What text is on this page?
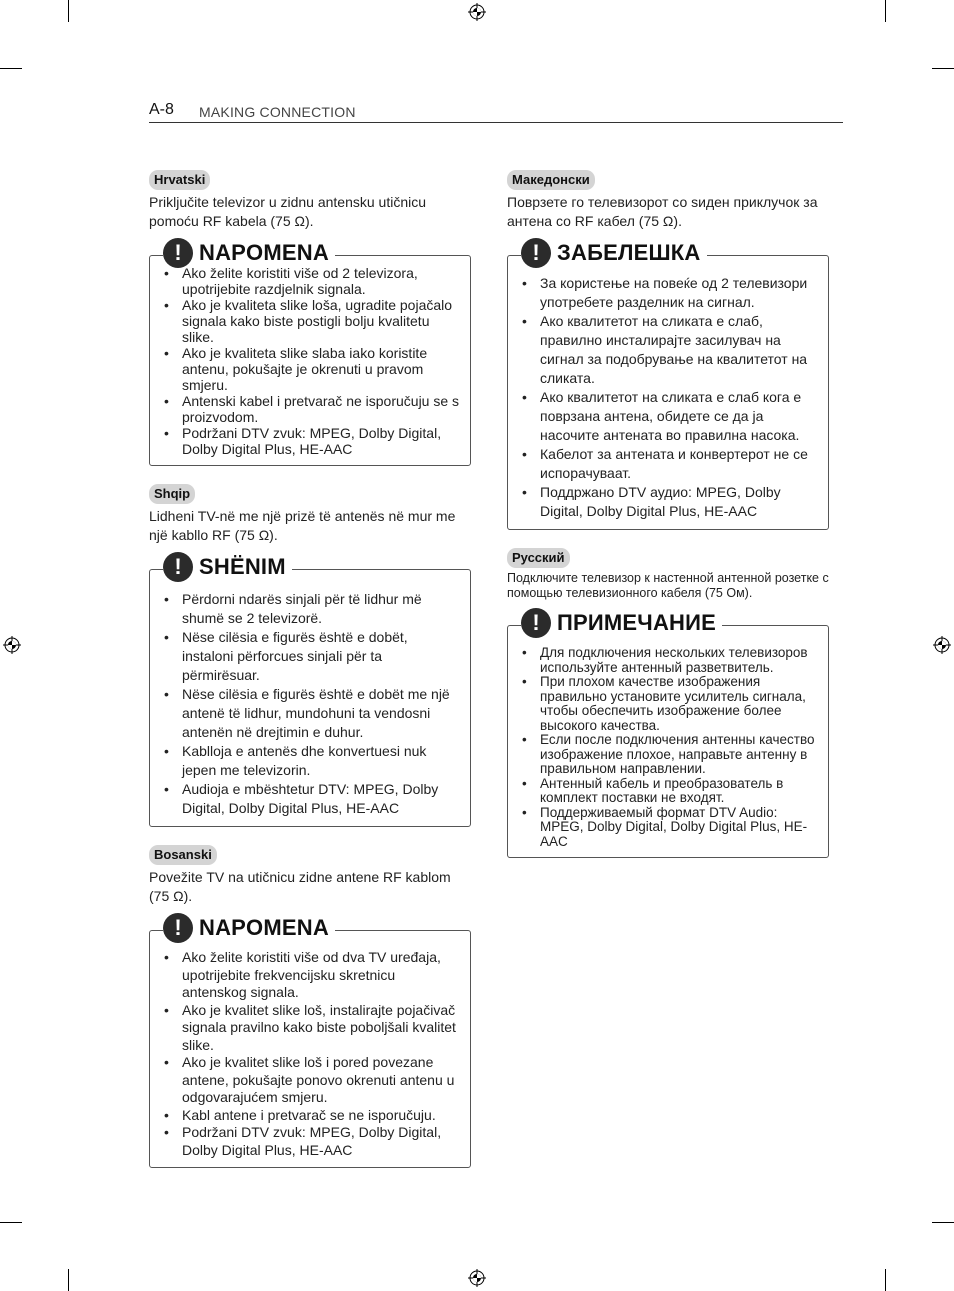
A-8 MAKING CONNECTION
Hrvatski
Priključite televizor u zidnu antensku utičnicu pomoću RF kabela (75 Ω).
! NAPOMENA
• Ako želite koristiti više od 2 televizora, upotrijebite razdjelnik signala.
• Ako je kvaliteta slike loša, ugradite pojačalo signala kako biste postigli bolju kvalitetu slike.
• Ako je kvaliteta slike slaba iako koristite antenu, pokušajte je okrenuti u pravom smjeru.
• Antenski kabel i pretvarač ne isporučuju se s proizvodom.
• Podržani DTV zvuk: MPEG, Dolby Digital, Dolby Digital Plus, HE-AAC
Shqip
Lidheni TV-në me një prizë të antenës në mur me një kabllo RF (75 Ω).
! SHËNIM
• Përdorni ndarës sinjali për të lidhur më shumë se 2 televizorë.
• Nëse cilësia e figurës është e dobët, instaloni përforcues sinjali për ta përmirësuar.
• Nëse cilësia e figurës është e dobët me një antenë të lidhur, mundohuni ta vendosni antenën në drejtimin e duhur.
• Kablloja e antenës dhe konvertuesi nuk jepen me televizorin.
• Audioja e mbështetur DTV: MPEG, Dolby Digital, Dolby Digital Plus, HE-AAC
Bosanski
Povežite TV na utičnicu zidne antene RF kablom (75 Ω).
! NAPOMENA
• Ako želite koristiti više od dva TV uređaja, upotrijebite frekvencijsku skretnicu antenskog signala.
• Ako je kvalitet slike loš, instalirajte pojačivač signala pravilno kako biste poboljšali kvalitet slike.
• Ako je kvalitet slike loš i pored povezane antene, pokušajte ponovo okrenuti antenu u odgovarajućem smjeru.
• Kabl antene i pretvarač se ne isporučuju.
• Podržani DTV zvuk: MPEG, Dolby Digital, Dolby Digital Plus, HE-AAC
Македонски
Поврзете го телевизорот со ѕиден приклучок за антена со RF кабел (75 Ω).
! ЗАБЕЛЕШКА
• За користење на повеќе од 2 телевизори употребете разделник на сигнал.
• Ако квалитетот на сликата е слаб, правилно инсталирајте засилувач на сигнал за подобрување на квалитетот на сликата.
• Ако квалитетот на сликата е слаб кога е поврзана антена, обидете се да ја насочите антената во правилна насока.
• Кабелот за антената и конвертерот не се испорачуваат.
• Поддржано DTV аудио: MPEG, Dolby Digital, Dolby Digital Plus, HE-AAC
Русский
Подключите телевизор к настенной антенной розетке с помощью телевизионного кабеля (75 Ом).
! ПРИМЕЧАНИЕ
• Для подключения нескольких телевизоров используйте антенный разветвитель.
• При плохом качестве изображения правильно установите усилитель сигнала, чтобы обеспечить изображение более высокого качества.
• Если после подключения антенны качество изображение плохое, направьте антенну в правильном направлении.
• Антенный кабель и преобразователь в комплект поставки не входят.
• Поддерживаемый формат DTV Audio: MPEG, Dolby Digital, Dolby Digital Plus, HE-AAC
